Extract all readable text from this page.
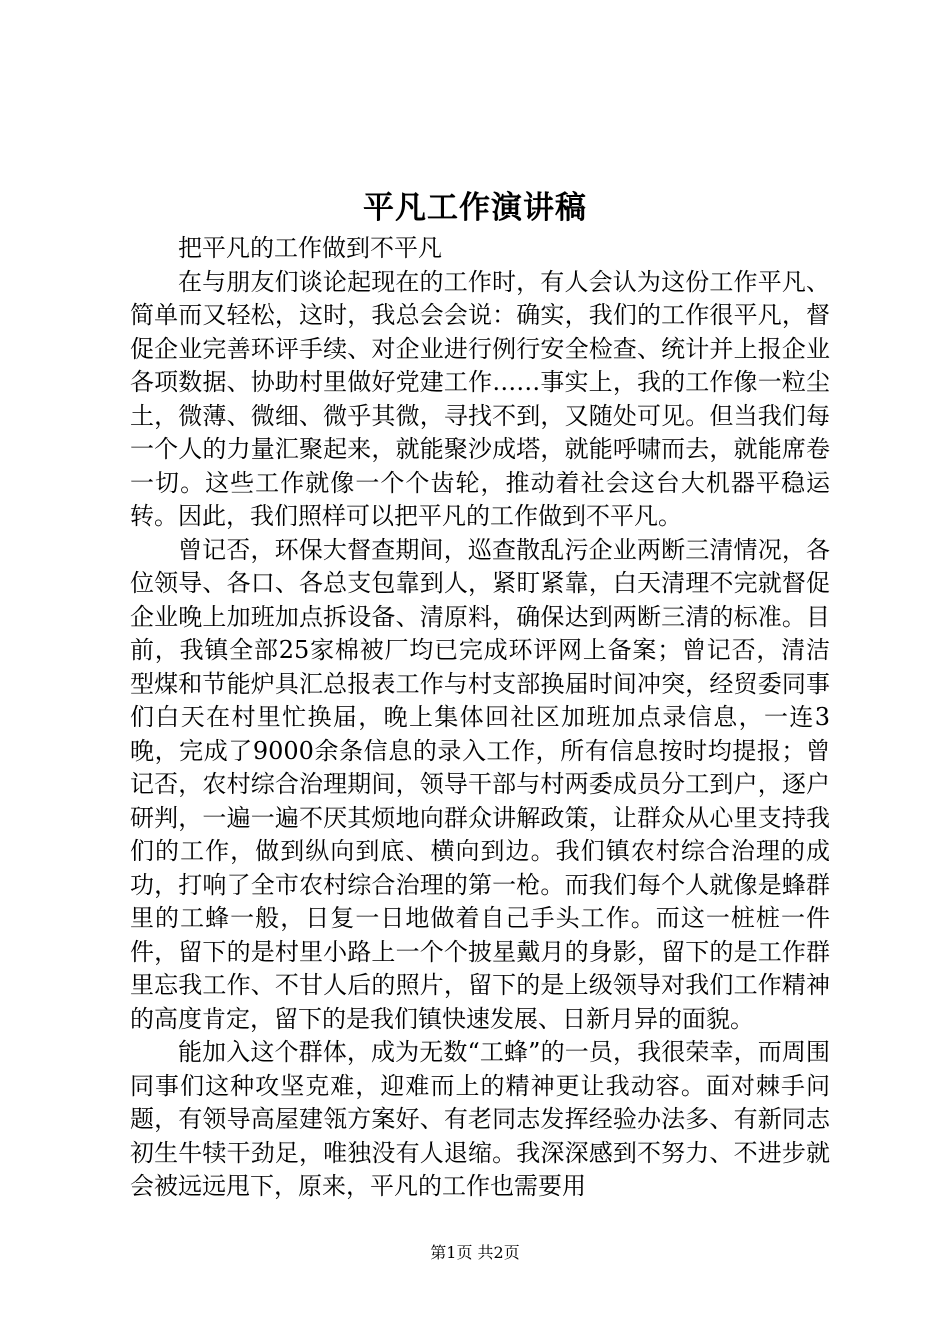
平凡工作演讲稿

把平凡的工作做到不平凡

在与朋友们谈论起现在的工作时，有人会认为这份工作平凡、简单而又轻松，这时，我总会会说：确实，我们的工作很平凡，督促企业完善环评手续、对企业进行例行安全检查、统计并上报企业各项数据、协助村里做好党建工作……事实上，我的工作像一粒尘土，微薄、微细、微乎其微，寻找不到，又随处可见。但当我们每一个人的力量汇聚起来，就能聚沙成塔，就能呼啸而去，就能席卷一切。这些工作就像一个个齿轮，推动着社会这台大机器平稳运转。因此，我们照样可以把平凡的工作做到不平凡。

曾记否，环保大督查期间，巡查散乱污企业两断三清情况，各位领导、各口、各总支包靠到人，紧盯紧靠，白天清理不完就督促企业晚上加班加点拆设备、清原料，确保达到两断三清的标准。目前，我镇全部25家棉被厂均已完成环评网上备案；曾记否，清洁型煤和节能炉具汇总报表工作与村支部换届时间冲突，经贸委同事们白天在村里忙换届，晚上集体回社区加班加点录信息，一连3晚，完成了9000余条信息的录入工作，所有信息按时均提报；曾记否，农村综合治理期间，领导干部与村两委成员分工到户，逐户研判，一遍一遍不厌其烦地向群众讲解政策，让群众从心里支持我们的工作，做到纵向到底、横向到边。我们镇农村综合治理的成功，打响了全市农村综合治理的第一枪。而我们每个人就像是蜂群里的工蜂一般，日复一日地做着自己手头工作。而这一桩桩一件件，留下的是村里小路上一个个披星戴月的身影，留下的是工作群里忘我工作、不甘人后的照片，留下的是上级领导对我们工作精神的高度肯定，留下的是我们镇快速发展、日新月异的面貌。

能加入这个群体，成为无数“工蜂”的一员，我很荣幸，而周围同事们这种攻坚克难，迎难而上的精神更让我动容。面对棘手问题，有领导高屋建瓴方案好、有老同志发挥经验办法多、有新同志初生牛犊干劲足，唯独没有人退缩。我深深感到不努力、不进步就会被远远甩下，原来，平凡的工作也需要用

第1页 共2页
